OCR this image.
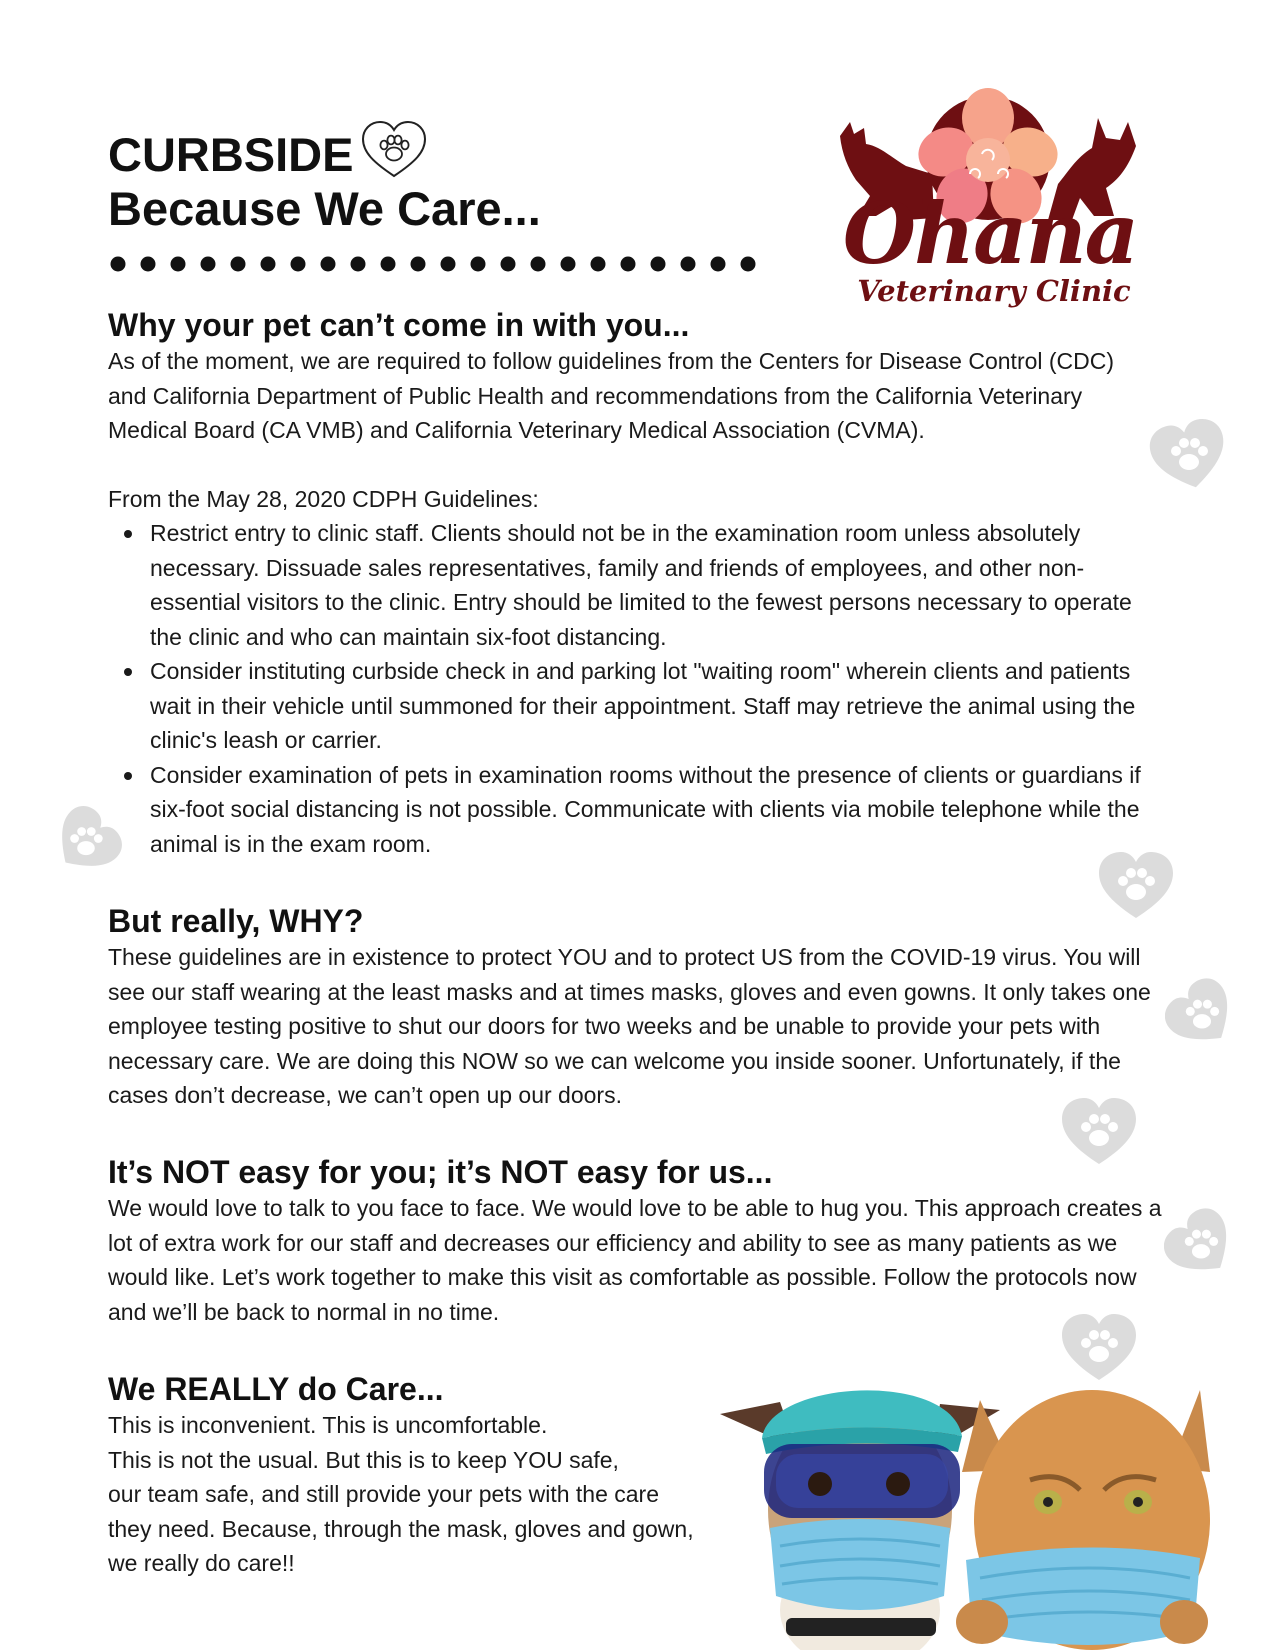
CURBSIDE
Because We Care...	Ohana
Veterinary Clinic
Why your pet can’t come in with you...

As of the moment, we are required to follow guidelines from the Centers for Disease Control (CDC) and California Department of Public Health and recommendations from the California Veterinary Medical Board (CA VMB) and California Veterinary Medical Association (CVMA).

From the May 28, 2020 CDPH Guidelines:

Restrict entry to clinic staff. Clients should not be in the examination room unless absolutely necessary. Dissuade sales representatives, family and friends of employees, and other non-essential visitors to the clinic. Entry should be limited to the fewest persons necessary to operate the clinic and who can maintain six-foot distancing.
Consider instituting curbside check in and parking lot "waiting room" wherein clients and patients wait in their vehicle until summoned for their appointment. Staff may retrieve the animal using the clinic's leash or carrier.
Consider examination of pets in examination rooms without the presence of clients or guardians if six-foot social distancing is not possible. Communicate with clients via mobile telephone while the animal is in the exam room.
But really, WHY?

These guidelines are in existence to protect YOU and to protect US from the COVID-19 virus. You will see our staff wearing at the least masks and at times masks, gloves and even gowns. It only takes one employee testing positive to shut our doors for two weeks and be unable to provide your pets with necessary care. We are doing this NOW so we can welcome you inside sooner. Unfortunately, if the cases don’t decrease, we can’t open up our doors.

It’s NOT easy for you; it’s NOT easy for us...

We would love to talk to you face to face. We would love to be able to hug you. This approach creates a lot of extra work for our staff and decreases our efficiency and ability to see as many patients as we would like. Let’s work together to make this visit as comfortable as possible. Follow the protocols now and we’ll be back to normal in no time.

We REALLY do Care...
This is inconvenient. This is uncomfortable.
This is not the usual. But this is to keep YOU safe,
our team safe, and still provide your pets with the care
they need. Because, through the mask, gloves and gown,
we really do care!!
